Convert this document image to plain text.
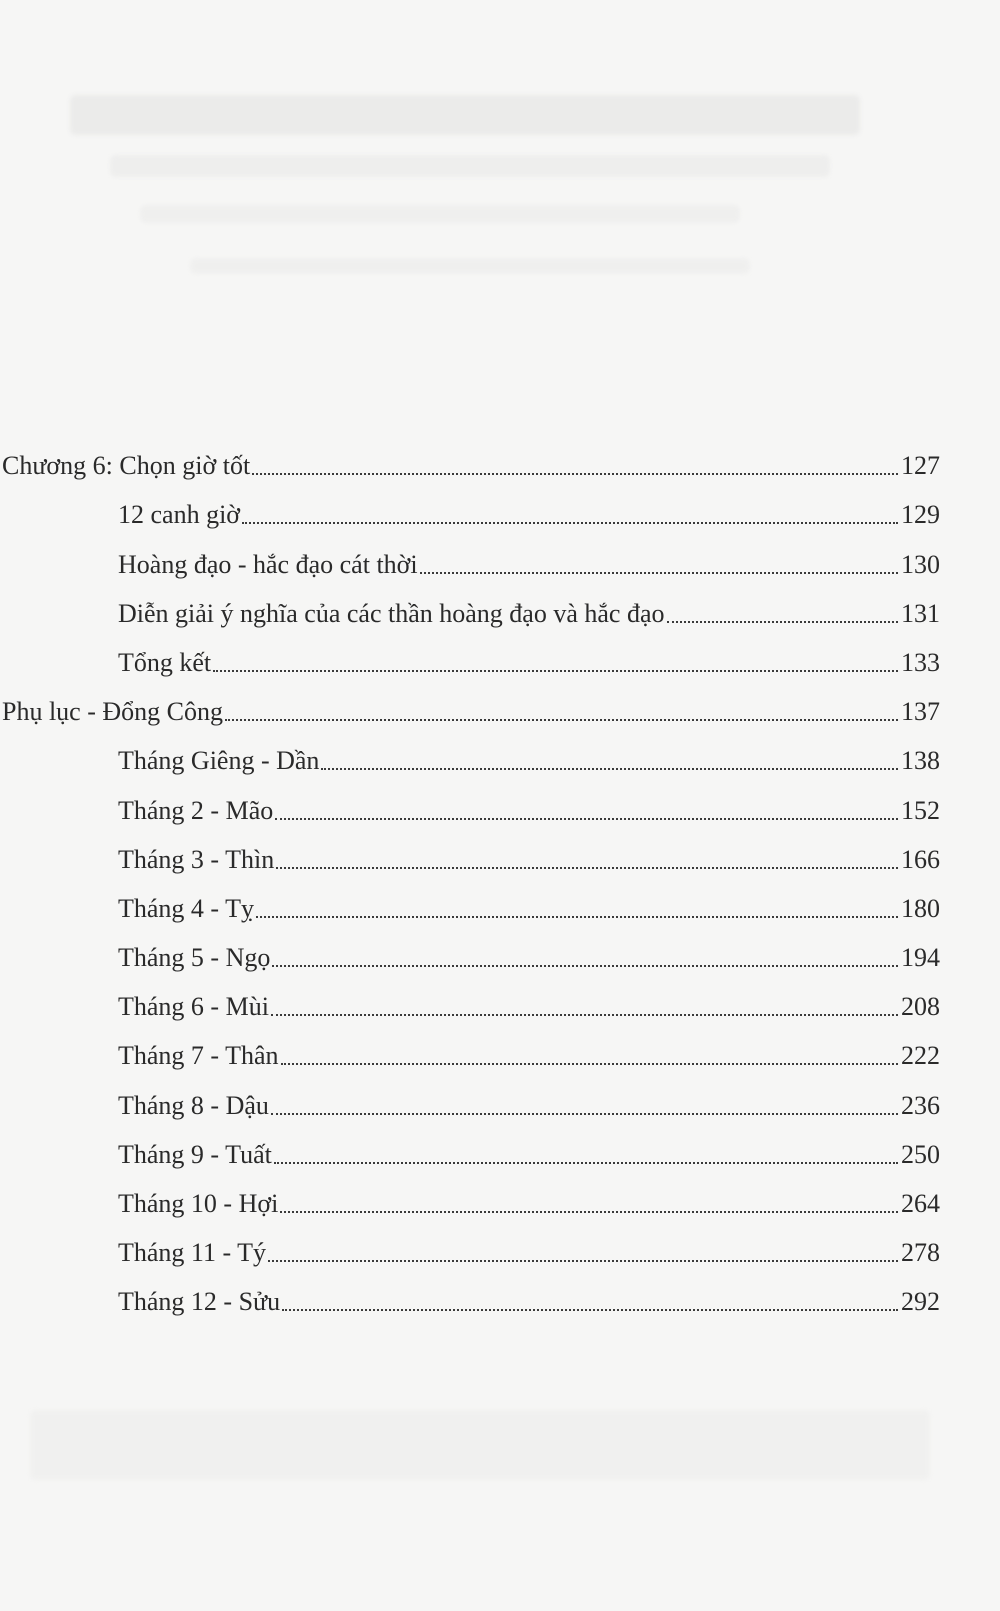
Chương 6: Chọn giờ tốt	127
12 canh giờ	129
Hoàng đạo - hắc đạo cát thời	130
Diễn giải ý nghĩa của các thần hoàng đạo và hắc đạo	131
Tổng kết	133
Phụ lục - Đổng Công	137
Tháng Giêng - Dần	138
Tháng 2 - Mão	152
Tháng 3 - Thìn	166
Tháng 4 - Tỵ	180
Tháng 5 - Ngọ	194
Tháng 6 - Mùi	208
Tháng 7 - Thân	222
Tháng 8 - Dậu	236
Tháng 9 - Tuất	250
Tháng 10 - Hợi	264
Tháng 11 - Tý	278
Tháng 12 - Sửu	292
